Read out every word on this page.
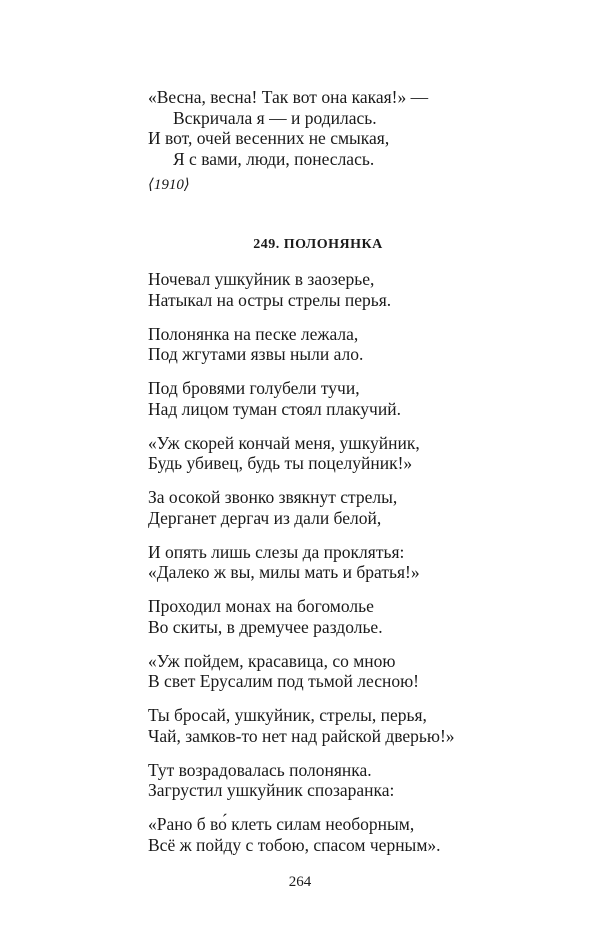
«Весна, весна! Так вот она какая!» —
Вскричала я — и родилась.
И вот, очей весенних не смыкая,
Я с вами, люди, понеслась.
⟨1910⟩
249. ПОЛОНЯНКА
Ночевал ушкуйник в заозерье,
Натыкал на остры стрелы перья.
Полонянка на песке лежала,
Под жгутами язвы ныли ало.
Под бровями голубели тучи,
Над лицом туман стоял плакучий.
«Уж скорей кончай меня, ушкуйник,
Будь убивец, будь ты поцелуйник!»
За осокой звонко звякнут стрелы,
Дерганет дергач из дали белой,
И опять лишь слезы да проклятья:
«Далеко ж вы, милы мать и братья!»
Проходил монах на богомолье
Во скиты, в дремучее раздолье.
«Уж пойдем, красавица, со мною
В свет Ерусалим под тьмой лесною!
Ты бросай, ушкуйник, стрелы, перья,
Чай, замков-то нет над райской дверью!»
Тут возрадовалась полонянка.
Загрустил ушкуйник спозаранка:
«Рано б во́ клеть силам необорным,
Всё ж пойду с тобою, спасом черным».
264
